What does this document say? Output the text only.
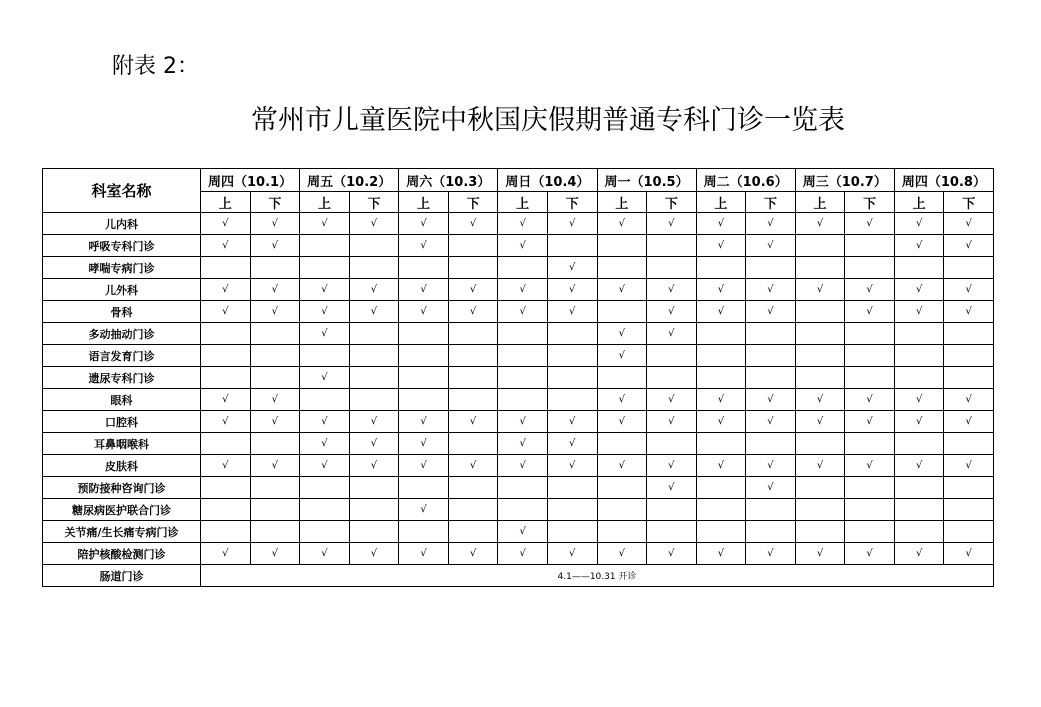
附表 2：
常州市儿童医院中秋国庆假期普通专科门诊一览表
科室名称	周四（10.1）		周五（10.2）		周六（10.3）		周日（10.4）		周一（10.5）		周二（10.6）		周三（10.7）		周四（10.8）	
	上	下	上	下	上	下	上	下	上	下	上	下	上	下	上	下
儿内科	√	√	√	√	√	√	√	√	√	√	√	√	√	√	√	√
呼吸专科门诊	√	√			√		√				√	√			√	√
哮喘专病门诊								√								
儿外科	√	√	√	√	√	√	√	√	√	√	√	√	√	√	√	√
骨科	√	√	√	√	√	√	√	√		√	√	√		√	√	√
多动抽动门诊			√						√	√						
语言发育门诊									√							
遗尿专科门诊			√													
眼科	√	√							√	√	√	√	√	√	√	√
口腔科	√	√	√	√	√	√	√	√	√	√	√	√	√	√	√	√
耳鼻咽喉科			√	√	√		√	√								
皮肤科	√	√	√	√	√	√	√	√	√	√	√	√	√	√	√	√
预防接种咨询门诊										√		√				
糖尿病医护联合门诊					√											
关节痛/生长痛专病门诊							√									
陪护核酸检测门诊	√	√	√	√	√	√	√	√	√	√	√	√	√	√	√	√
肠道门诊	4.1——10.31 开诊															
